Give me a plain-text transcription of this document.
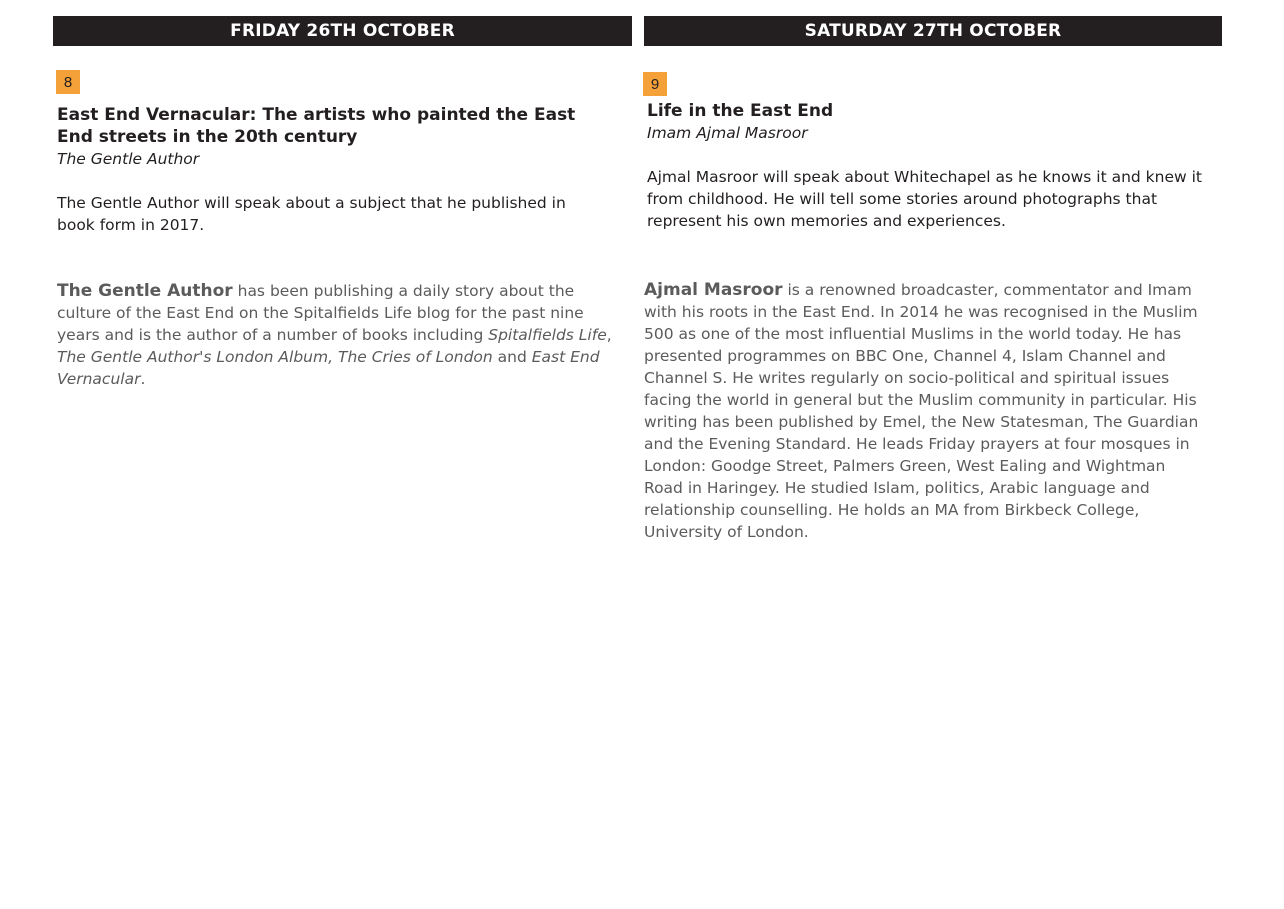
FRIDAY 26TH OCTOBER
8
East End Vernacular: The artists who painted the East End streets in the 20th century
The Gentle Author

The Gentle Author will speak about a subject that he published in book form in 2017.

The Gentle Author has been publishing a daily story about the culture of the East End on the Spitalfields Life blog for the past nine years and is the author of a number of books including Spitalfields Life, The Gentle Author's London Album, The Cries of London and East End Vernacular.

SATURDAY 27TH OCTOBER
9
Life in the East End
Imam Ajmal Masroor

Ajmal Masroor will speak about Whitechapel as he knows it and knew it from childhood. He will tell some stories around photographs that represent his own memories and experiences.

Ajmal Masroor is a renowned broadcaster, commentator and Imam with his roots in the East End. In 2014 he was recognised in the Muslim 500 as one of the most influential Muslims in the world today. He has presented programmes on BBC One, Channel 4, Islam Channel and Channel S. He writes regularly on socio-political and spiritual issues facing the world in general but the Muslim community in particular. His writing has been published by Emel, the New Statesman, The Guardian and the Evening Standard. He leads Friday prayers at four mosques in London: Goodge Street, Palmers Green, West Ealing and Wightman Road in Haringey. He studied Islam, politics, Arabic language and relationship counselling. He holds an MA from Birkbeck College, University of London.
